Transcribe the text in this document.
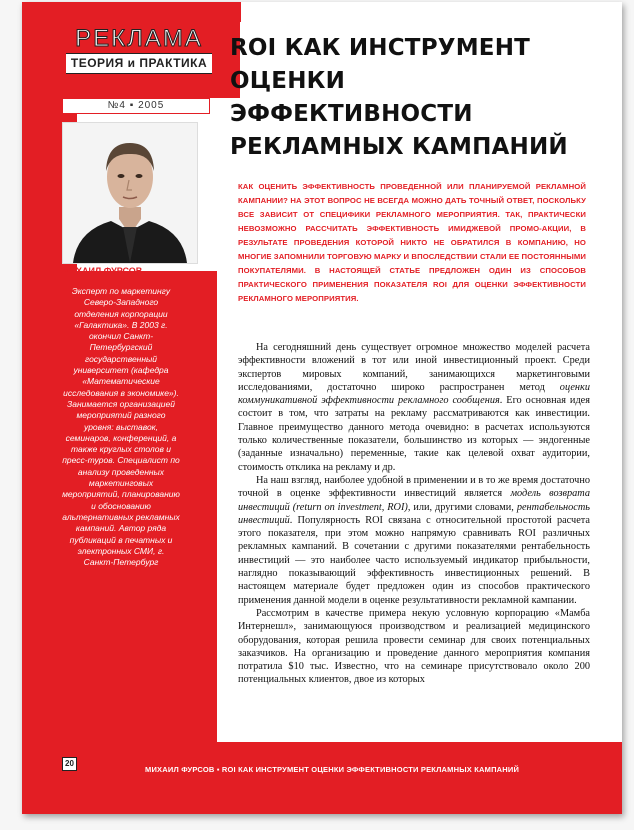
РЕКЛАМА
ТЕОРИЯ и ПРАКТИКА
№4 ▪ 2005
МИХАИЛ ФУРСОВ
Эксперт по маркетингу Северо-Западного отделения корпорации «Галактика». В 2003 г. окончил Санкт-Петербургский государственный университет (кафедра «Математические исследования в экономике»). Занимается организацией мероприятий разного уровня: выставок, семинаров, конференций, а также круглых столов и пресс-туров. Специалист по анализу проведенных маркетинговых мероприятий, планированию и обоснованию альтернативных рекламных кампаний. Автор ряда публикаций в печатных и электронных СМИ, г. Санкт-Петербург
ROI КАК ИНСТРУМЕНТ ОЦЕНКИ ЭФФЕКТИВНОСТИ РЕКЛАМНЫХ КАМПАНИЙ
КАК ОЦЕНИТЬ ЭФФЕКТИВНОСТЬ ПРОВЕДЕННОЙ ИЛИ ПЛАНИРУЕМОЙ РЕКЛАМНОЙ КАМПАНИИ? НА ЭТОТ ВОПРОС НЕ ВСЕГДА МОЖНО ДАТЬ ТОЧНЫЙ ОТВЕТ, ПОСКОЛЬКУ ВСЕ ЗАВИСИТ ОТ СПЕЦИФИКИ РЕКЛАМНОГО МЕРОПРИЯТИЯ. ТАК, ПРАКТИЧЕСКИ НЕВОЗМОЖНО РАССЧИТАТЬ ЭФФЕКТИВНОСТЬ ИМИДЖЕВОЙ ПРОМО-АКЦИИ, В РЕЗУЛЬТАТЕ ПРОВЕДЕНИЯ КОТОРОЙ НИКТО НЕ ОБРАТИЛСЯ В КОМПАНИЮ, НО МНОГИЕ ЗАПОМНИЛИ ТОРГОВУЮ МАРКУ И ВПОСЛЕДСТВИИ СТАЛИ ЕЕ ПОСТОЯННЫМИ ПОКУПАТЕЛЯМИ. В НАСТОЯЩЕЙ СТАТЬЕ ПРЕДЛОЖЕН ОДИН ИЗ СПОСОБОВ ПРАКТИЧЕСКОГО ПРИМЕНЕНИЯ ПОКАЗАТЕЛЯ ROI ДЛЯ ОЦЕНКИ ЭФФЕКТИВНОСТИ РЕКЛАМНОГО МЕРОПРИЯТИЯ.

На сегодняшний день существует огромное множество моделей расчета эффективности вложений в тот или иной инвестиционный проект. Среди экспертов мировых компаний, занимающихся маркетинговыми исследованиями, достаточно широко распространен метод оценки коммуникативной эффективности рекламного сообщения. Его основная идея состоит в том, что затраты на рекламу рассматриваются как инвестиции. Главное преимущество данного метода очевидно: в расчетах используются только количественные показатели, большинство из которых — эндогенные (заданные изначально) переменные, такие как целевой охват аудитории, стоимость отклика на рекламу и др.

На наш взгляд, наиболее удобной в применении и в то же время достаточно точной в оценке эффективности инвестиций является модель возврата инвестиций (return on investment, ROI), или, другими словами, рентабельность инвестиций. Популярность ROI связана с относительной простотой расчета этого показателя, при этом можно напрямую сравнивать ROI различных рекламных кампаний. В сочетании с другими показателями рентабельность инвестиций — это наиболее часто используемый индикатор прибыльности, наглядно показывающий эффективность инвестиционных решений. В настоящем материале будет предложен один из способов практического применения данной модели в оценке результативности рекламной кампании.

Рассмотрим в качестве примера некую условную корпорацию «Мамба Интернешл», занимающуюся производством и реализацией медицинского оборудования, которая решила провести семинар для своих потенциальных заказчиков. На организацию и проведение данного мероприятия компания потратила $10 тыс. Известно, что на семинаре присутствовало около 200 потенциальных клиентов, двое из которых

20
МИХАИЛ ФУРСОВ ▪ ROI КАК ИНСТРУМЕНТ ОЦЕНКИ ЭФФЕКТИВНОСТИ РЕКЛАМНЫХ КАМПАНИЙ
